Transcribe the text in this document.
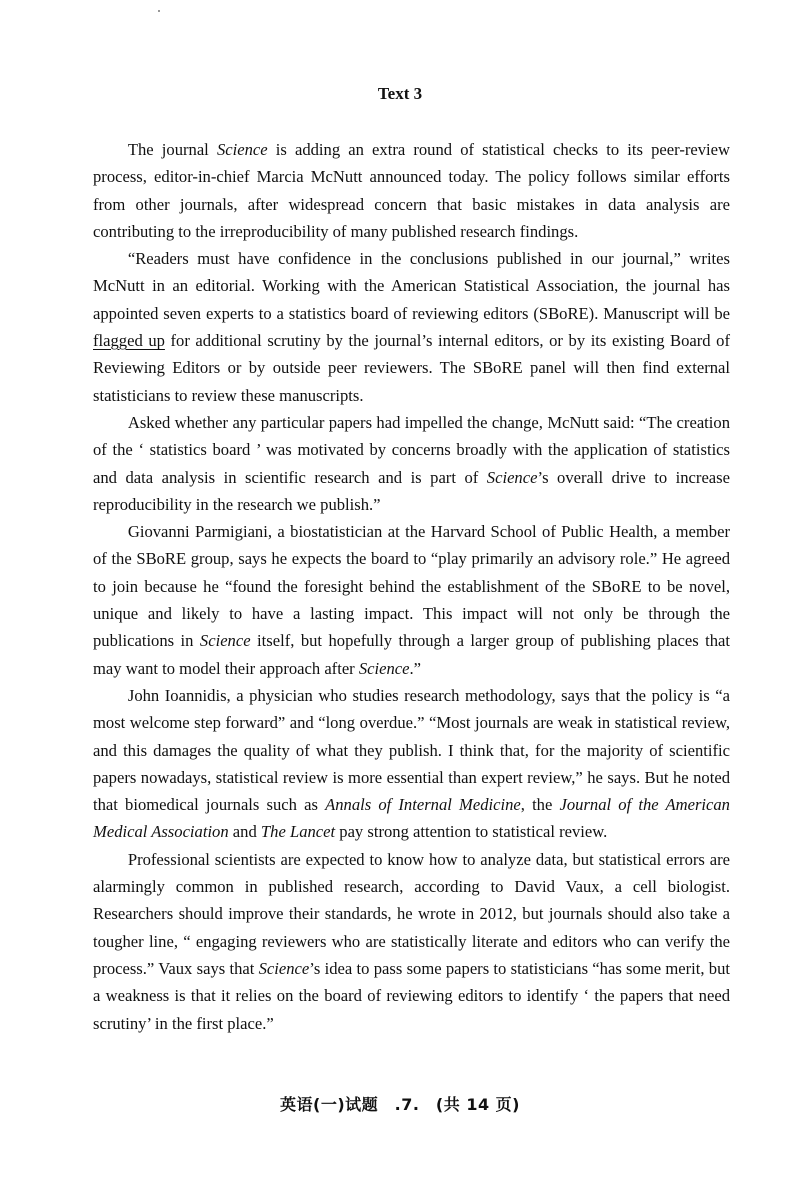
Text 3

The journal Science is adding an extra round of statistical checks to its peer-review process, editor-in-chief Marcia McNutt announced today. The policy follows similar efforts from other journals, after widespread concern that basic mistakes in data analysis are contributing to the irreproducibility of many published research findings.

“Readers must have confidence in the conclusions published in our journal,” writes McNutt in an editorial. Working with the American Statistical Association, the journal has appointed seven experts to a statistics board of reviewing editors (SBoRE). Manuscript will be flagged up for additional scrutiny by the journal’s internal editors, or by its existing Board of Reviewing Editors or by outside peer reviewers. The SBoRE panel will then find external statisticians to review these manuscripts.

Asked whether any particular papers had impelled the change, McNutt said: “The creation of the ‘ statistics board ’ was motivated by concerns broadly with the application of statistics and data analysis in scientific research and is part of Science’s overall drive to increase reproducibility in the research we publish.”

Giovanni Parmigiani, a biostatistician at the Harvard School of Public Health, a member of the SBoRE group, says he expects the board to “play primarily an advisory role.” He agreed to join because he “found the foresight behind the establishment of the SBoRE to be novel, unique and likely to have a lasting impact. This impact will not only be through the publications in Science itself, but hopefully through a larger group of publishing places that may want to model their approach after Science.”

John Ioannidis, a physician who studies research methodology, says that the policy is “a most welcome step forward” and “long overdue.” “Most journals are weak in statistical review, and this damages the quality of what they publish. I think that, for the majority of scientific papers nowadays, statistical review is more essential than expert review,” he says. But he noted that biomedical journals such as Annals of Internal Medicine, the Journal of the American Medical Association and The Lancet pay strong attention to statistical review.

Professional scientists are expected to know how to analyze data, but statistical errors are alarmingly common in published research, according to David Vaux, a cell biologist. Researchers should improve their standards, he wrote in 2012, but journals should also take a tougher line, “ engaging reviewers who are statistically literate and editors who can verify the process.” Vaux says that Science’s idea to pass some papers to statisticians “has some merit, but a weakness is that it relies on the board of reviewing editors to identify ‘ the papers that need scrutiny’ in the first place.”

英语(一)试题　.7.　(共 14 页)
